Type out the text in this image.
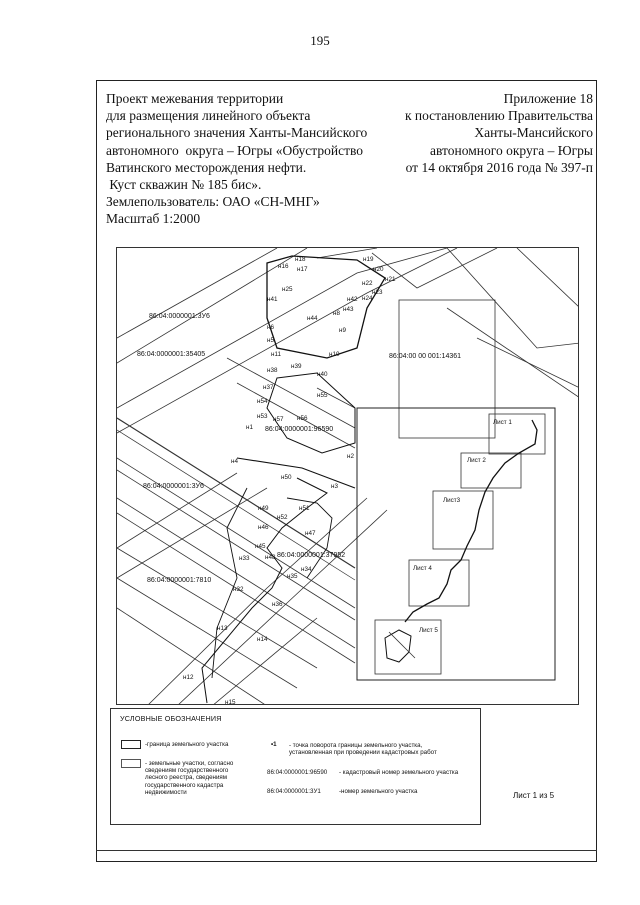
195
Проект межевания территории
для размещения линейного объекта
регионального значения Ханты-Мансийского
автономного  округа – Югры «Обустройство
Ватинского месторождения нефти.
Куст скважин № 185 бис».
Землепользователь: ОАО «СН-МНГ»
Масштаб 1:2000
Приложение 18
к постановлению Правительства
Ханты-Мансийского
автономного округа – Югры
от 14 октября 2016 года № 397-п
86:04:0000001:3У6
86:04:0000001:35405	86:04:00 00 001:14361
86:04:0000001:96590
86:04:0000001:3У6
86:04:0000001:37952
86:04:0000001:7810
н16
н18	н19
н17	н20
н21
н22
н23
н24
н25
н41	н42
н43
н44
н8
н9
н6
н5
н11	н10
н39
н38
н40
н37
н55
н54
н53 н57 н56
н1
н4
н2
н50
н3
н49	н51
н52
н46
н47
н45
н33 н48
н35
н34
н32
н36
н13
н14
н12
н15
Лист 1
Лист 2
Лист3
Лист 4
Лист 5
УСЛОВНЫЕ ОБОЗНАЧЕНИЯ
-граница земельного участка
- земельные участки, согласно
сведениям государственного
лесного реестра, сведениям
государственного кадастра
недвижимости
•1 - точка поворота границы земельного участка,
установленная при проведении кадастровых работ
86:04:0000001:96590 - кадастровый номер земельного участка
86:04:0000001:3У1	-номер земельного участка	Лист 1 из 5
